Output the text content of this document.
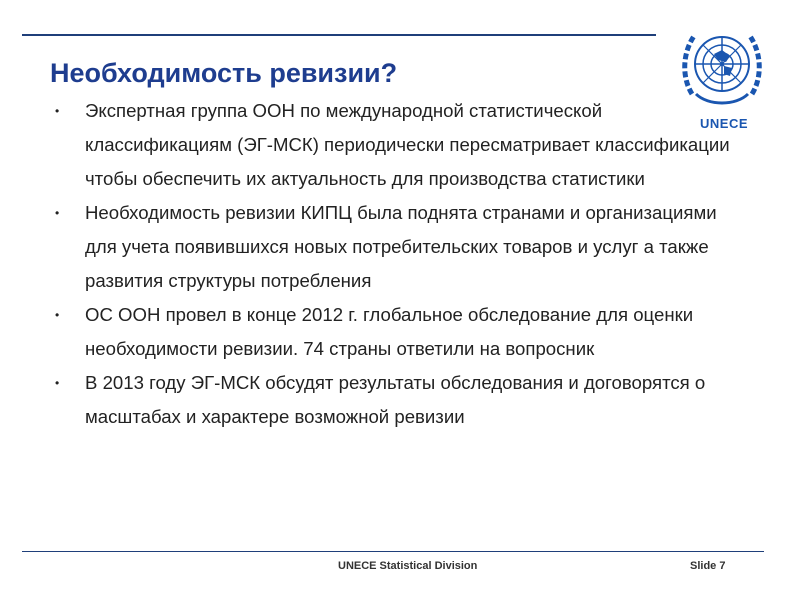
UNECE
Необходимость ревизии?
• Экспертная группа ООН по международной статистической классификациям (ЭГ-МСК) периодически пересматривает классификации чтобы обеспечить их актуальность для производства статистики
• Необходимость ревизии КИПЦ была поднята странами и организациями для учета появившихся новых потребительских товаров и услуг а также развития структуры потребления
• ОС ООН провел в конце 2012 г. глобальное обследование для оценки необходимости ревизии. 74 страны ответили на вопросник
• В 2013 году ЭГ-МСК обсудят результаты обследования и договорятся о масштабах и характере возможной ревизии
UNECE Statistical Division	Slide 7
